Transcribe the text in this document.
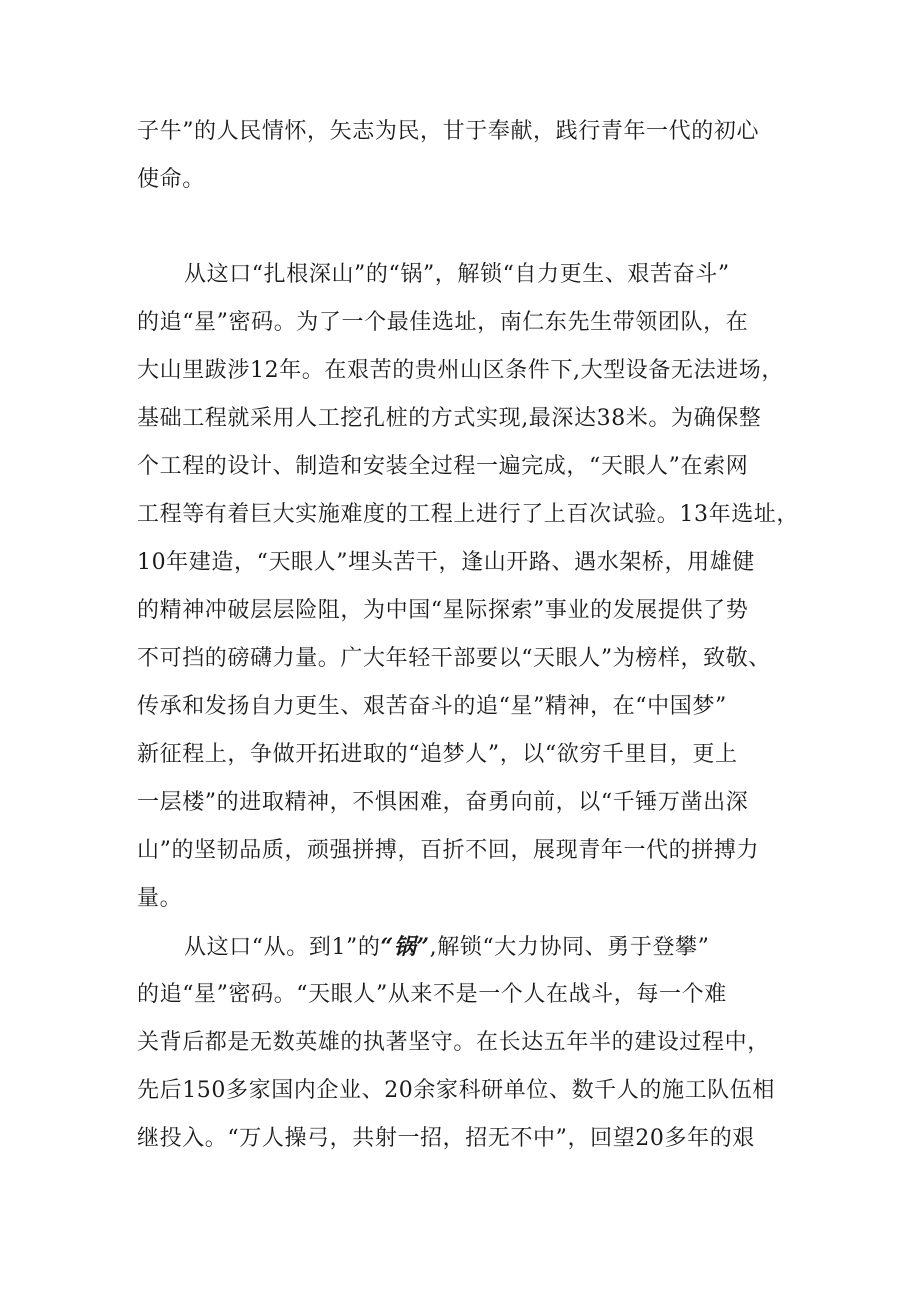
子牛”的人民情怀，矢志为民，甘于奉献，践行青年一代的初心
使命。
从这口“扎根深山”的“锅”，解锁“自力更生、艰苦奋斗”
的追“星”密码。为了一个最佳选址，南仁东先生带领团队，在
大山里跋涉12年。在艰苦的贵州山区条件下,大型设备无法进场，
基础工程就采用人工挖孔桩的方式实现,最深达38米。为确保整
个工程的设计、制造和安装全过程一遍完成，“天眼人”在索网
工程等有着巨大实施难度的工程上进行了上百次试验。13年选址，
10年建造，“天眼人”埋头苦干，逢山开路、遇水架桥，用雄健
的精神冲破层层险阻，为中国“星际探索”事业的发展提供了势
不可挡的磅礴力量。广大年轻干部要以“天眼人”为榜样，致敬、
传承和发扬自力更生、艰苦奋斗的追“星”精神，在“中国梦”
新征程上，争做开拓进取的“追梦人”，以“欲穷千里目，更上
一层楼”的进取精神，不惧困难，奋勇向前，以“千锤万凿出深
山”的坚韧品质，顽强拼搏，百折不回，展现青年一代的拼搏力
量。
从这口“从。到1”的“锅”,解锁“大力协同、勇于登攀”
的追“星”密码。“天眼人”从来不是一个人在战斗，每一个难
关背后都是无数英雄的执著坚守。在长达五年半的建设过程中，
先后150多家国内企业、20余家科研单位、数千人的施工队伍相
继投入。“万人操弓，共射一招，招无不中”，回望20多年的艰
